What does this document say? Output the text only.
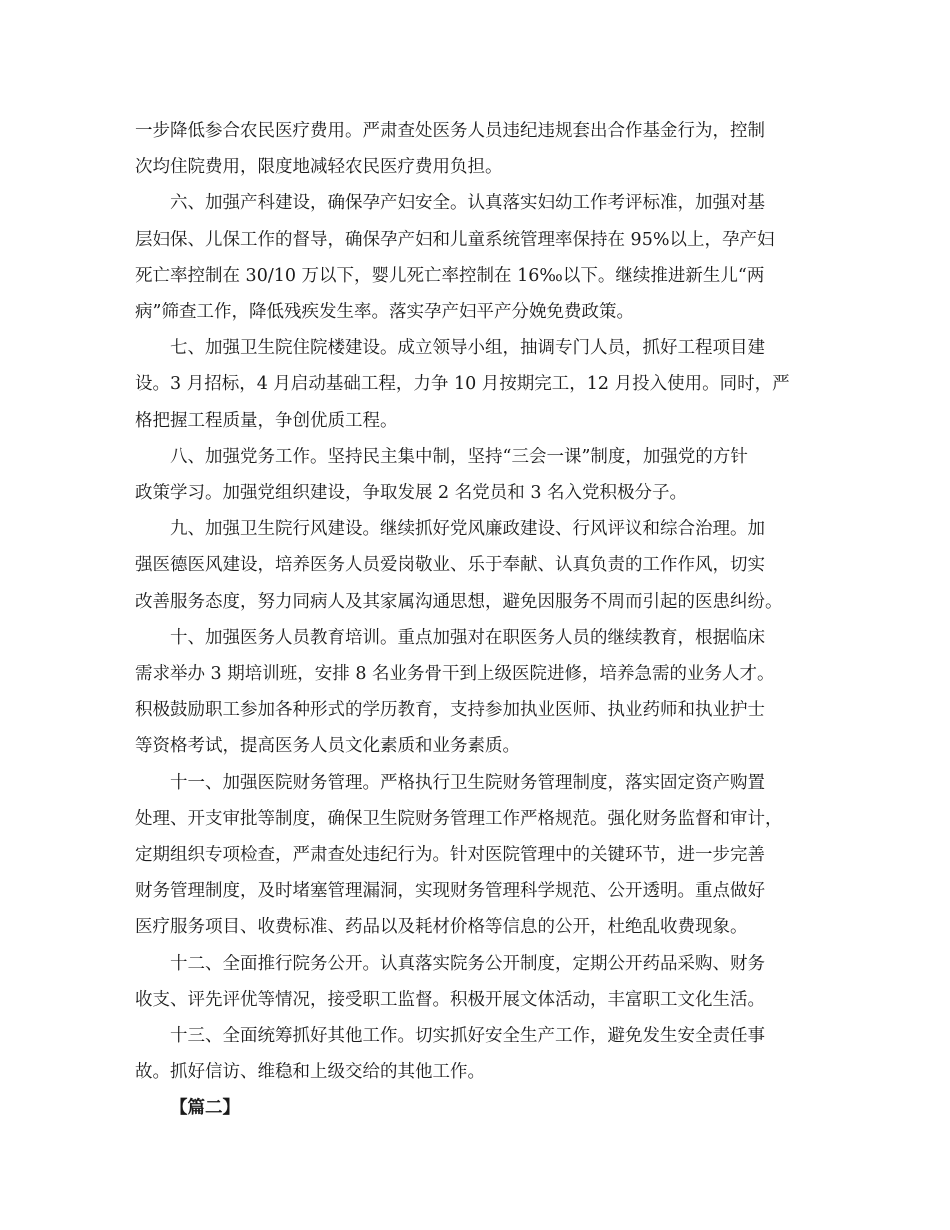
一步降低参合农民医疗费用。严肃查处医务人员违纪违规套出合作基金行为，控制
次均住院费用，限度地减轻农民医疗费用负担。

六、加强产科建设，确保孕产妇安全。认真落实妇幼工作考评标准，加强对基
层妇保、儿保工作的督导，确保孕产妇和儿童系统管理率保持在 95%以上，孕产妇
死亡率控制在 30/10 万以下，婴儿死亡率控制在 16‰以下。继续推进新生儿“两
病”筛查工作，降低残疾发生率。落实孕产妇平产分娩免费政策。

七、加强卫生院住院楼建设。成立领导小组，抽调专门人员，抓好工程项目建
设。3 月招标，4 月启动基础工程，力争 10 月按期完工，12 月投入使用。同时，严
格把握工程质量，争创优质工程。

八、加强党务工作。坚持民主集中制，坚持“三会一课”制度，加强党的方针
政策学习。加强党组织建设，争取发展 2 名党员和 3 名入党积极分子。

九、加强卫生院行风建设。继续抓好党风廉政建设、行风评议和综合治理。加
强医德医风建设，培养医务人员爱岗敬业、乐于奉献、认真负责的工作作风，切实
改善服务态度，努力同病人及其家属沟通思想，避免因服务不周而引起的医患纠纷。

十、加强医务人员教育培训。重点加强对在职医务人员的继续教育，根据临床
需求举办 3 期培训班，安排 8 名业务骨干到上级医院进修，培养急需的业务人才。
积极鼓励职工参加各种形式的学历教育，支持参加执业医师、执业药师和执业护士
等资格考试，提高医务人员文化素质和业务素质。

十一、加强医院财务管理。严格执行卫生院财务管理制度，落实固定资产购置
处理、开支审批等制度，确保卫生院财务管理工作严格规范。强化财务监督和审计，
定期组织专项检查，严肃查处违纪行为。针对医院管理中的关键环节，进一步完善
财务管理制度，及时堵塞管理漏洞，实现财务管理科学规范、公开透明。重点做好
医疗服务项目、收费标准、药品以及耗材价格等信息的公开，杜绝乱收费现象。

十二、全面推行院务公开。认真落实院务公开制度，定期公开药品采购、财务
收支、评先评优等情况，接受职工监督。积极开展文体活动，丰富职工文化生活。

十三、全面统筹抓好其他工作。切实抓好安全生产工作，避免发生安全责任事
故。抓好信访、维稳和上级交给的其他工作。

【篇二】
